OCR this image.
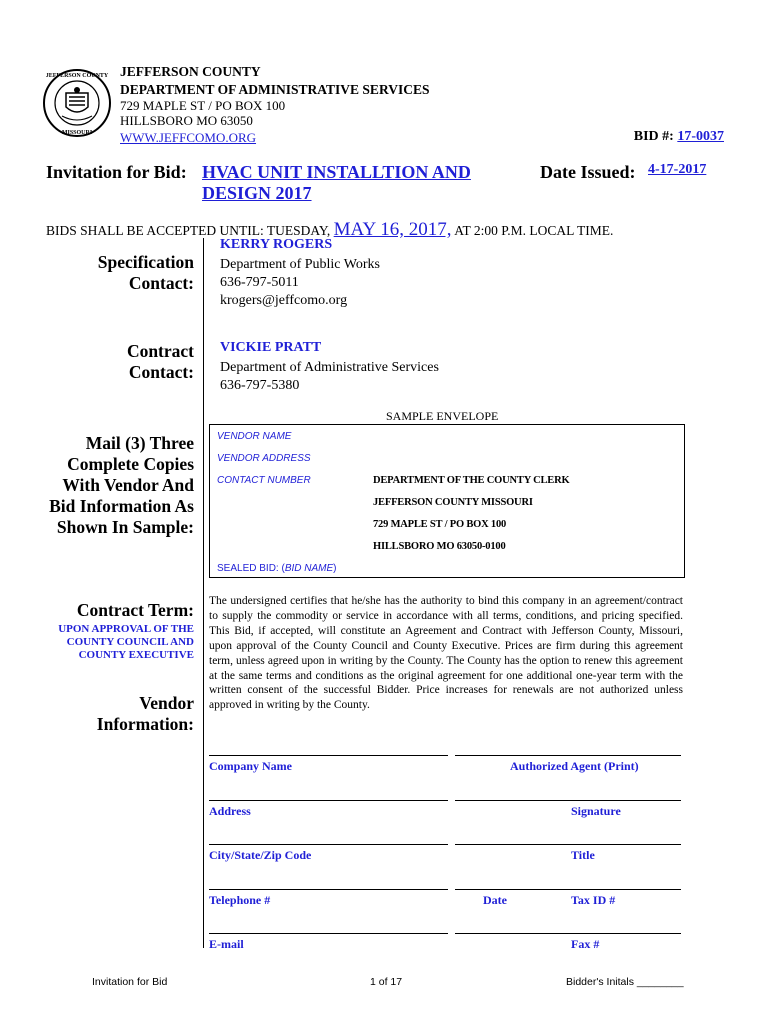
JEFFERSON COUNTY
MISSOURI
JEFFERSON COUNTY
DEPARTMENT OF ADMINISTRATIVE SERVICES
729 MAPLE ST / PO BOX 100
HILLSBORO MO 63050
WWW.JEFFCOMO.ORG	BID #: 17-0037
Invitation for Bid: HVAC UNIT INSTALLTION AND
DESIGN 2017
Date Issued: 4-17-2017
BIDS SHALL BE ACCEPTED UNTIL: TUESDAY, MAY 16, 2017, AT 2:00 P.M. LOCAL TIME.
Specification
Contact:
KERRY ROGERS
Department of Public Works
636-797-5011
krogers@jeffcomo.org
Contract
Contact:
VICKIE PRATT
Department of Administrative Services
636-797-5380
Mail (3) Three
Complete Copies
With Vendor And
Bid Information As
Shown In Sample:
SAMPLE ENVELOPE
VENDOR NAME
VENDOR ADDRESS
CONTACT NUMBER	DEPARTMENT OF THE COUNTY CLERK
JEFFERSON COUNTY MISSOURI
729 MAPLE ST / PO BOX 100
HILLSBORO MO 63050-0100
SEALED BID: (BID NAME)
Contract Term:
UPON APPROVAL OF THE
COUNTY COUNCIL AND
COUNTY EXECUTIVE
Vendor
Information:
The undersigned certifies that he/she has the authority to bind this company in an agreement/contract to supply the commodity or service in accordance with all terms, conditions, and pricing specified. This Bid, if accepted, will constitute an Agreement and Contract with Jefferson County, Missouri, upon approval of the County Council and County Executive. Prices are firm during this agreement term, unless agreed upon in writing by the County. The County has the option to renew this agreement at the same terms and conditions as the original agreement for one additional one-year term with the written consent of the successful Bidder. Price increases for renewals are not authorized unless approved in writing by the County.
Company Name	Authorized Agent (Print)
Address	Signature
City/State/Zip Code	Title
Telephone #	Date	Tax ID #
E-mail	Fax #
Invitation for Bid	1 of 17	Bidder's Initals ________
